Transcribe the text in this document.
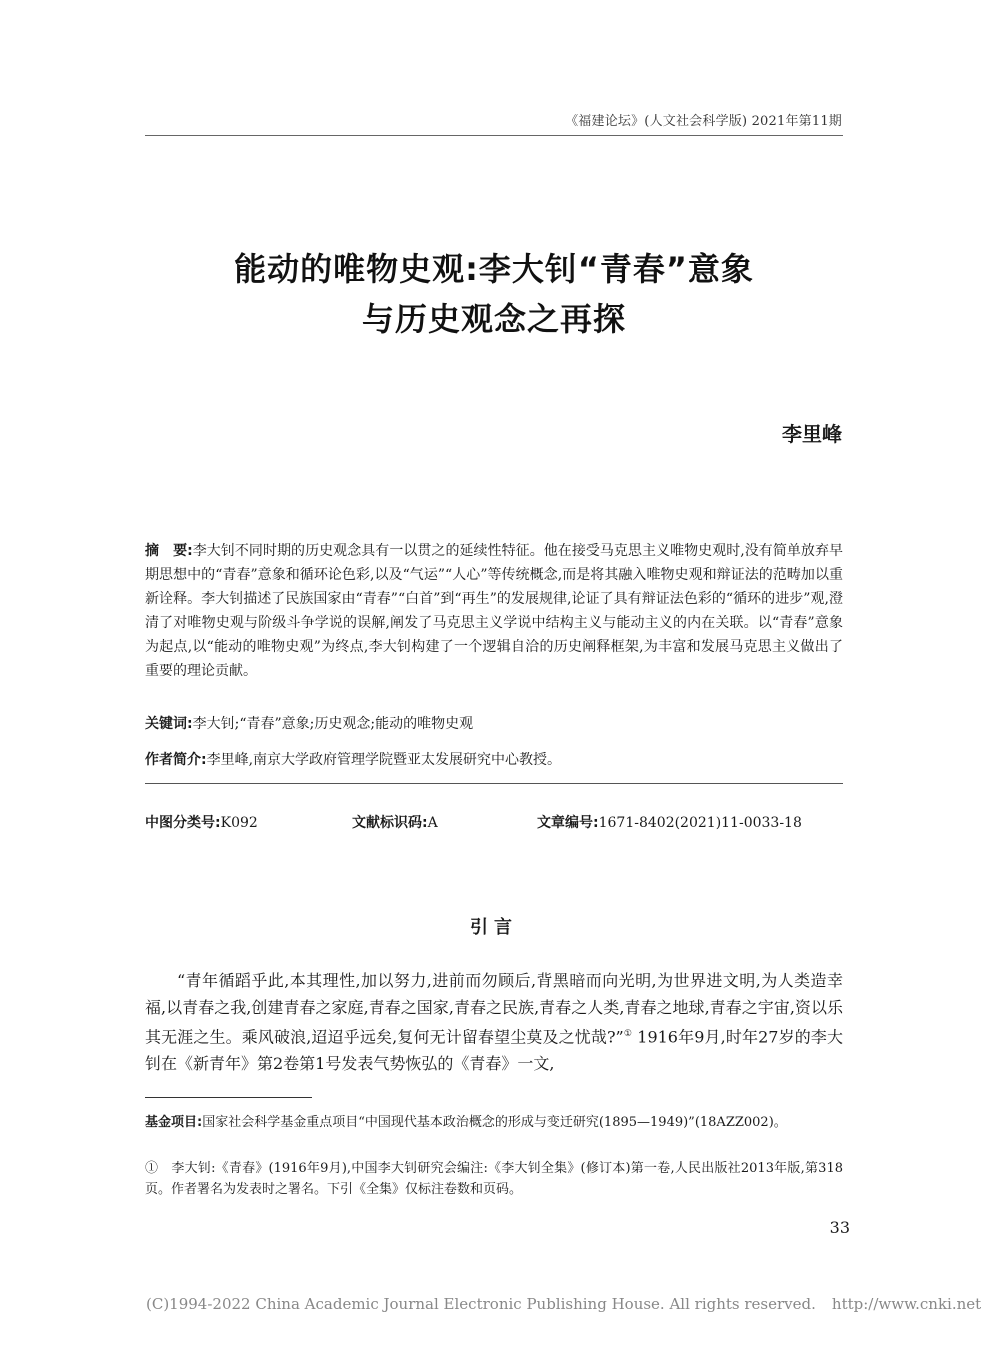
《福建论坛》(人文社会科学版) 2021年第11期
能动的唯物史观:李大钊“青春”意象
与历史观念之再探
李里峰
摘　要:李大钊不同时期的历史观念具有一以贯之的延续性特征。他在接受马克思主义唯物史观时,没有简单放弃早期思想中的“青春”意象和循环论色彩,以及“气运”“人心”等传统概念,而是将其融入唯物史观和辩证法的范畴加以重新诠释。李大钊描述了民族国家由“青春”“白首”到“再生”的发展规律,论证了具有辩证法色彩的“循环的进步”观,澄清了对唯物史观与阶级斗争学说的误解,阐发了马克思主义学说中结构主义与能动主义的内在关联。以“青春”意象为起点,以“能动的唯物史观”为终点,李大钊构建了一个逻辑自洽的历史阐释框架,为丰富和发展马克思主义做出了重要的理论贡献。
关键词:李大钊;“青春”意象;历史观念;能动的唯物史观
作者简介:李里峰,南京大学政府管理学院暨亚太发展研究中心教授。
中图分类号:K092	文献标识码:A	文章编号:1671-8402(2021)11-0033-18
引言
“青年循蹈乎此,本其理性,加以努力,进前而勿顾后,背黑暗而向光明,为世界进文明,为人类造幸福,以青春之我,创建青春之家庭,青春之国家,青春之民族,青春之人类,青春之地球,青春之宇宙,资以乐其无涯之生。乘风破浪,迢迢乎远矣,复何无计留春望尘莫及之忧哉?”① 1916年9月,时年27岁的李大钊在《新青年》第2卷第1号发表气势恢弘的《青春》一文,
基金项目:国家社会科学基金重点项目“中国现代基本政治概念的形成与变迁研究(1895—1949)”(18AZZ002)。
①　李大钊:《青春》(1916年9月),中国李大钊研究会编注:《李大钊全集》(修订本)第一卷,人民出版社2013年版,第318页。作者署名为发表时之署名。下引《全集》仅标注卷数和页码。
33
(C)1994-2022 China Academic Journal Electronic Publishing House. All rights reserved. http://www.cnki.net
